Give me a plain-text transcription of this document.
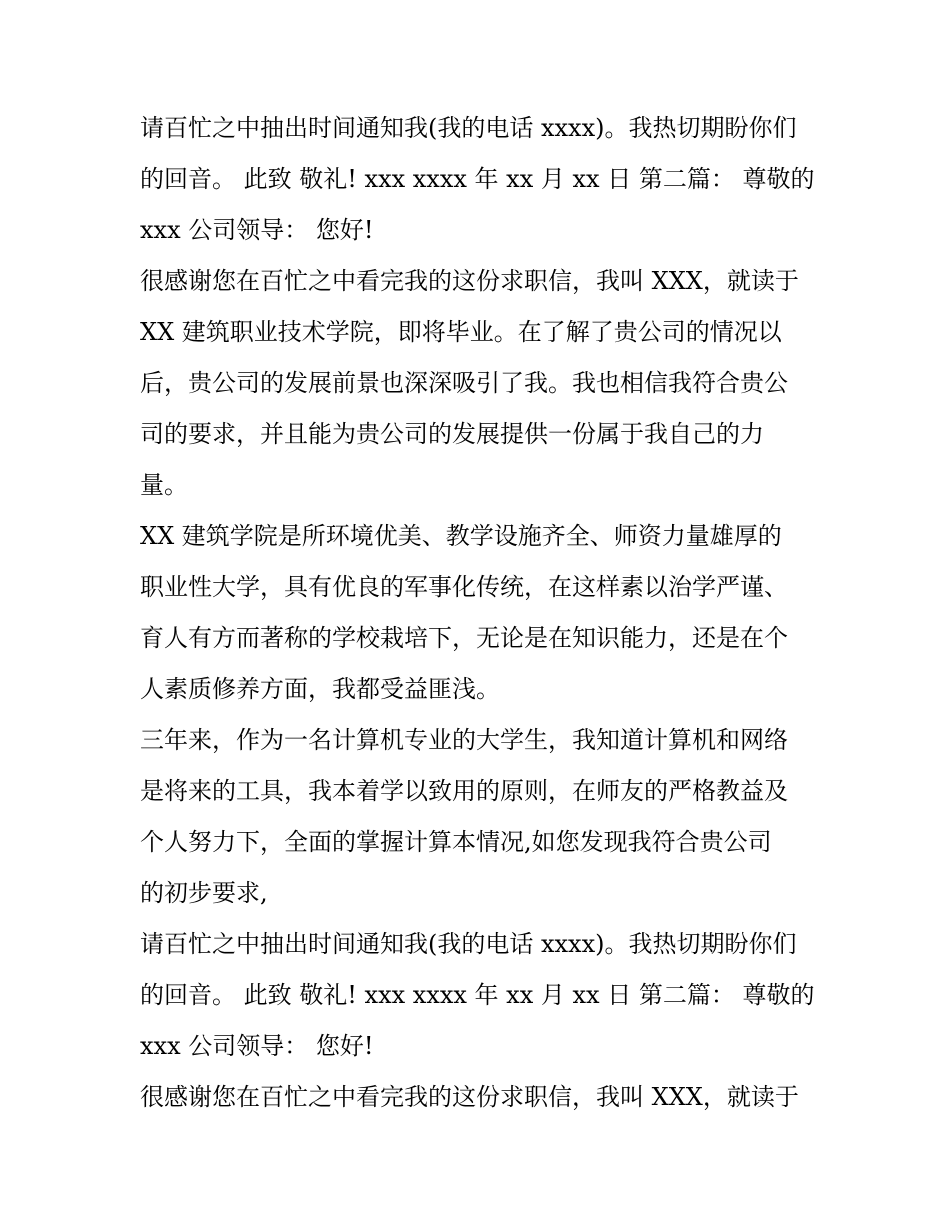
请百忙之中抽出时间通知我(我的电话 xxxx)。我热切期盼你们
的回音。 此致 敬礼! xxx xxxx 年 xx 月 xx 日 第二篇： 尊敬的
xxx 公司领导： 您好!
很感谢您在百忙之中看完我的这份求职信，我叫 XXX，就读于
XX 建筑职业技术学院，即将毕业。在了解了贵公司的情况以
后，贵公司的发展前景也深深吸引了我。我也相信我符合贵公
司的要求，并且能为贵公司的发展提供一份属于我自己的力
量。
XX 建筑学院是所环境优美、教学设施齐全、师资力量雄厚的
职业性大学，具有优良的军事化传统，在这样素以治学严谨、
育人有方而著称的学校栽培下，无论是在知识能力，还是在个
人素质修养方面，我都受益匪浅。
三年来，作为一名计算机专业的大学生，我知道计算机和网络
是将来的工具，我本着学以致用的原则，在师友的严格教益及
个人努力下，全面的掌握计算本情况,如您发现我符合贵公司
的初步要求,
请百忙之中抽出时间通知我(我的电话 xxxx)。我热切期盼你们
的回音。 此致 敬礼! xxx xxxx 年 xx 月 xx 日 第二篇： 尊敬的
xxx 公司领导： 您好!
很感谢您在百忙之中看完我的这份求职信，我叫 XXX，就读于
